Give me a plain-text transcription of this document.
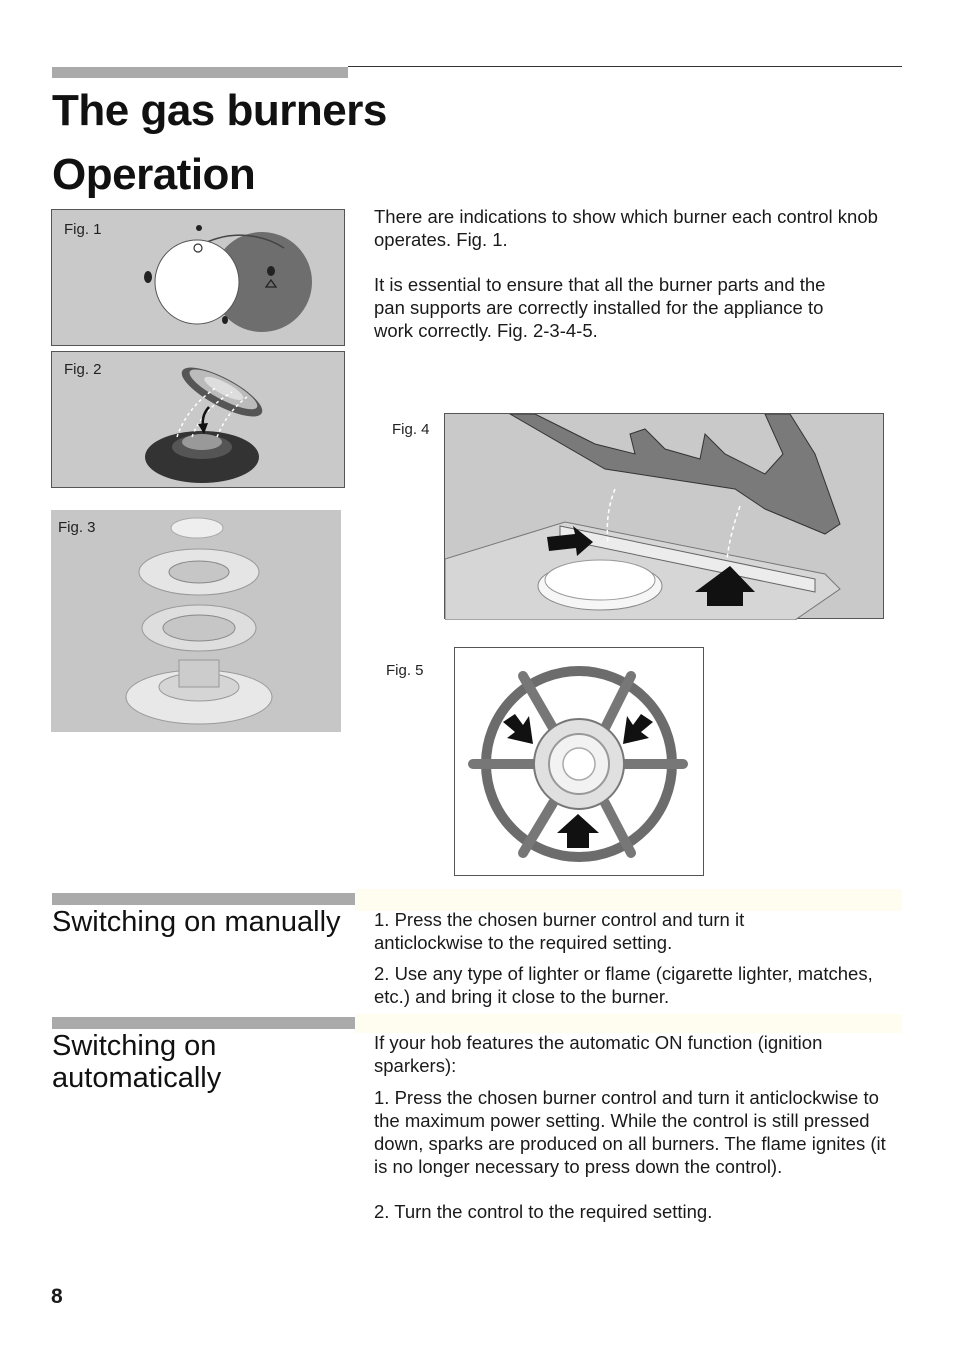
The gas burners
Operation

There are indications to show which burner each control knob operates. Fig. 1.

It is essential to ensure that all the burner parts and the pan supports are correctly installed for the appliance to work correctly. Fig. 2-3-4-5.

Fig. 1
Fig. 2
Fig. 3
Fig. 4
Fig. 5
Switching on manually	1. Press the chosen burner control and turn it anticlockwise to the required setting.

2. Use any type of lighter or flame (cigarette lighter, matches, etc.) and bring it close to the burner.

Switching on automatically

If your hob features the automatic ON function (ignition sparkers):

1. Press the chosen burner control and turn it anticlockwise to the maximum power setting. While the control is still pressed down, sparks are produced on all burners. The flame ignites (it is no longer necessary to press down the control).

2. Turn the control to the required setting.

8
